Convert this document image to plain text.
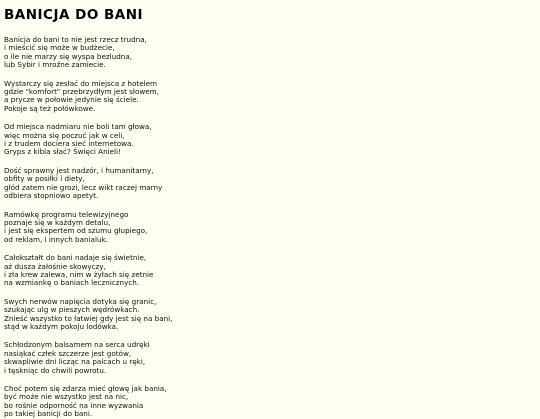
BANICJA DO BANI
Banicja do bani to nie jest rzecz trudna,
i mieścić się może w budżecie,
o ile nie marzy się wyspa bezludna,
lub Sybir i mroźne zamiecie.
Wystarczy się zesłać do miejsca z hotelem
gdzie "komfort" przebrzydłym jest słowem,
a pryczе w połowie jedynie się ściele.
Pokoje są też połówkowe.
Od miejsca nadmiaru nie boli tam głowa,
więc można się poczuć jak w celi,
i z trudem dociera sieć internetowa.
Gryps z kibla słać? Święci Anieli!
Dość sprawny jest nadzór, i humanitarny,
obfity w posiłki i diety,
głód zatem nie grozi, lecz wikt raczej marny
odbiera stopniowo apetyt.
Ramówkę programu telewizyjnego
poznaje się w każdym detalu,
i jest się ekspertem od szumu głupiego,
od reklam, i innych banialuk.
Całokształt do bani nadaje się świetnie,
aż dusza żałośnie skowyczy,
i zła krew zalewa, nim w żyłach się zetnie
na wzmiankę o baniach lecznicznych.
Swych nerwów napięcia dotyka się granic,
szukając ulg w pieszych wędrówkach.
Znieść wszystko to łatwiej gdy jest się na bani,
stąd w każdym pokoju lodówka.
Schłodzonym balsamem na serca udręki
nasiąkać człek szczerze jest gotów,
skwapliwie dni licząc na palcach u ręki,
i tęskniąc do chwili powrotu.
Choć potem się zdarza mieć głowę jak bania,
być może nie wszystko jest na nic,
bo rośnie odporność na inne wyzwania
po takiej banicji do bani.
